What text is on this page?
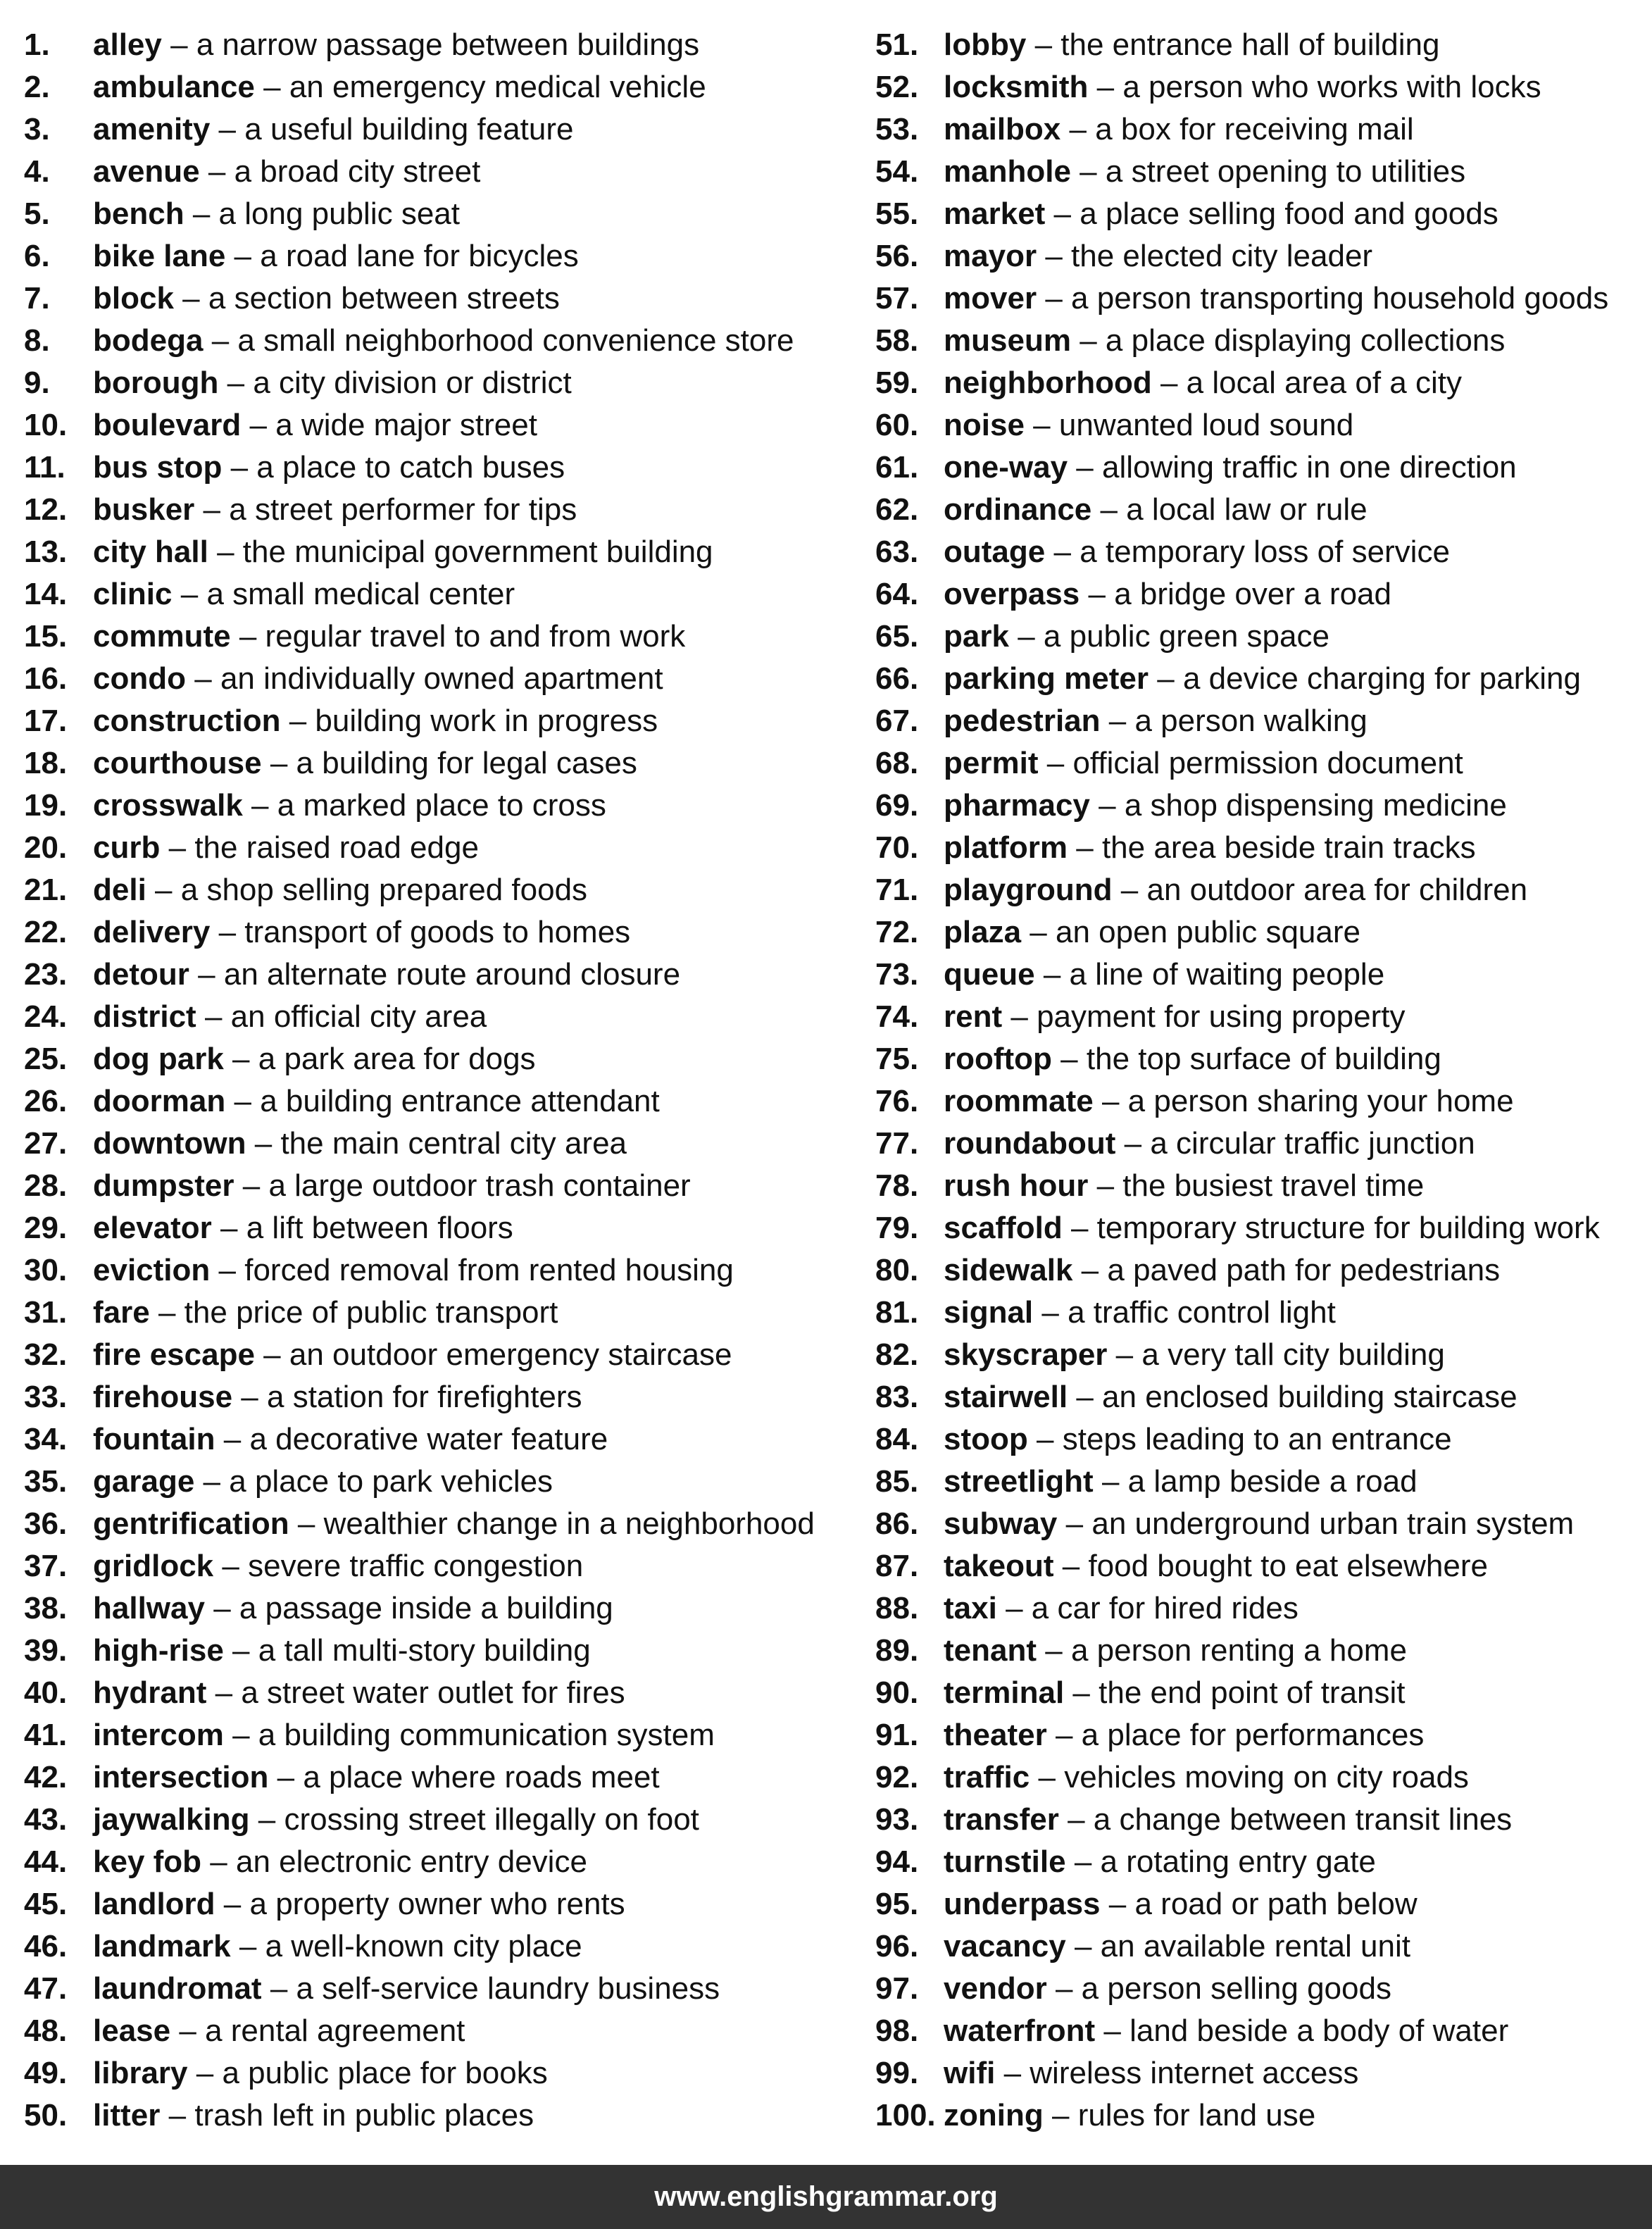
1. alley – a narrow passage between buildings
2. ambulance – an emergency medical vehicle
3. amenity – a useful building feature
4. avenue – a broad city street
5. bench – a long public seat
6. bike lane – a road lane for bicycles
7. block – a section between streets
8. bodega – a small neighborhood convenience store
9. borough – a city division or district
10. boulevard – a wide major street
11. bus stop – a place to catch buses
12. busker – a street performer for tips
13. city hall – the municipal government building
14. clinic – a small medical center
15. commute – regular travel to and from work
16. condo – an individually owned apartment
17. construction – building work in progress
18. courthouse – a building for legal cases
19. crosswalk – a marked place to cross
20. curb – the raised road edge
21. deli – a shop selling prepared foods
22. delivery – transport of goods to homes
23. detour – an alternate route around closure
24. district – an official city area
25. dog park – a park area for dogs
26. doorman – a building entrance attendant
27. downtown – the main central city area
28. dumpster – a large outdoor trash container
29. elevator – a lift between floors
30. eviction – forced removal from rented housing
31. fare – the price of public transport
32. fire escape – an outdoor emergency staircase
33. firehouse – a station for firefighters
34. fountain – a decorative water feature
35. garage – a place to park vehicles
36. gentrification – wealthier change in a neighborhood
37. gridlock – severe traffic congestion
38. hallway – a passage inside a building
39. high-rise – a tall multi-story building
40. hydrant – a street water outlet for fires
41. intercom – a building communication system
42. intersection – a place where roads meet
43. jaywalking – crossing street illegally on foot
44. key fob – an electronic entry device
45. landlord – a property owner who rents
46. landmark – a well-known city place
47. laundromat – a self-service laundry business
48. lease – a rental agreement
49. library – a public place for books
50. litter – trash left in public places
51. lobby – the entrance hall of building
52. locksmith – a person who works with locks
53. mailbox – a box for receiving mail
54. manhole – a street opening to utilities
55. market – a place selling food and goods
56. mayor – the elected city leader
57. mover – a person transporting household goods
58. museum – a place displaying collections
59. neighborhood – a local area of a city
60. noise – unwanted loud sound
61. one-way – allowing traffic in one direction
62. ordinance – a local law or rule
63. outage – a temporary loss of service
64. overpass – a bridge over a road
65. park – a public green space
66. parking meter – a device charging for parking
67. pedestrian – a person walking
68. permit – official permission document
69. pharmacy – a shop dispensing medicine
70. platform – the area beside train tracks
71. playground – an outdoor area for children
72. plaza – an open public square
73. queue – a line of waiting people
74. rent – payment for using property
75. rooftop – the top surface of building
76. roommate – a person sharing your home
77. roundabout – a circular traffic junction
78. rush hour – the busiest travel time
79. scaffold – temporary structure for building work
80. sidewalk – a paved path for pedestrians
81. signal – a traffic control light
82. skyscraper – a very tall city building
83. stairwell – an enclosed building staircase
84. stoop – steps leading to an entrance
85. streetlight – a lamp beside a road
86. subway – an underground urban train system
87. takeout – food bought to eat elsewhere
88. taxi – a car for hired rides
89. tenant – a person renting a home
90. terminal – the end point of transit
91. theater – a place for performances
92. traffic – vehicles moving on city roads
93. transfer – a change between transit lines
94. turnstile – a rotating entry gate
95. underpass – a road or path below
96. vacancy – an available rental unit
97. vendor – a person selling goods
98. waterfront – land beside a body of water
99. wifi – wireless internet access
100. zoning – rules for land use
www.englishgrammar.org
